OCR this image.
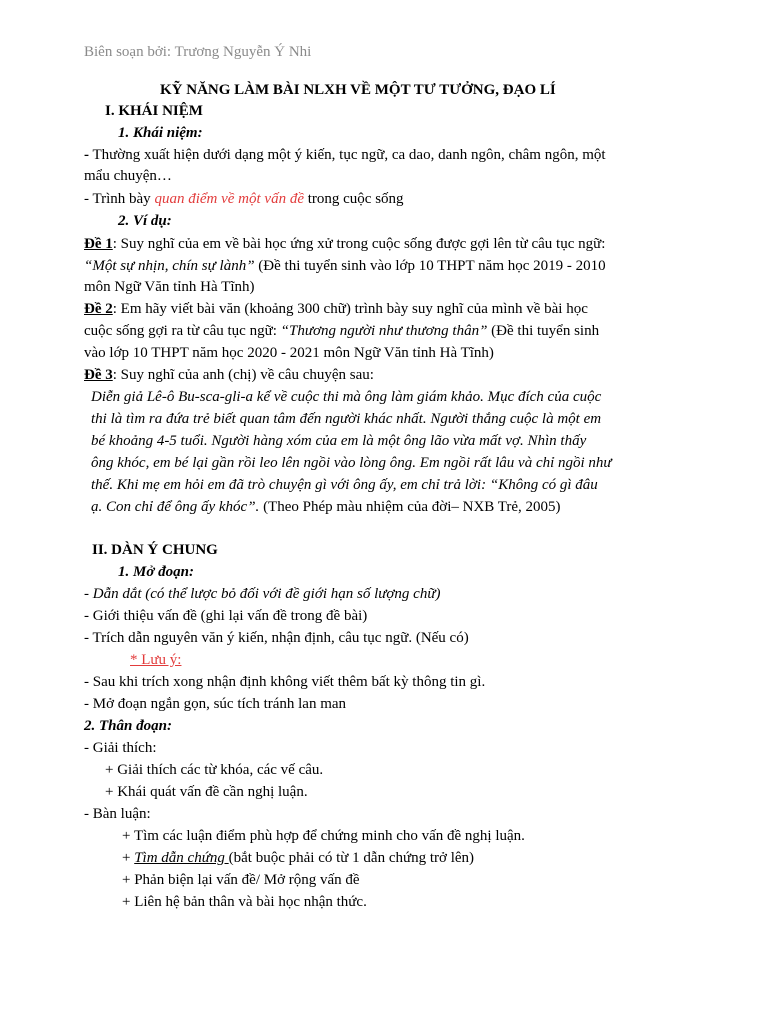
Biên soạn bởi: Trương Nguyễn Ý Nhi
KỸ NĂNG LÀM BÀI NLXH VỀ MỘT TƯ TƯỞNG, ĐẠO LÍ
I. KHÁI NIỆM
1. Khái niệm:
- Thường xuất hiện dưới dạng một ý kiến, tục ngữ, ca dao, danh ngôn, châm ngôn, một
mẩu chuyện…
- Trình bày quan điểm về một vấn đề trong cuộc sống
2. Ví dụ:
Đề 1: Suy nghĩ của em về bài học ứng xử trong cuộc sống được gợi lên từ câu tục ngữ:
“Một sự nhịn, chín sự lành” (Đề thi tuyển sinh vào lớp 10 THPT năm học 2019 - 2010
môn Ngữ Văn tỉnh Hà Tĩnh)
Đề 2: Em hãy viết bài văn (khoảng 300 chữ) trình bày suy nghĩ của mình về bài học
cuộc sống gợi ra từ câu tục ngữ: “Thương người như thương thân” (Đề thi tuyển sinh
vào lớp 10 THPT năm học 2020 - 2021 môn Ngữ Văn tỉnh Hà Tĩnh)
Đề 3: Suy nghĩ của anh (chị) về câu chuyện sau:
Diễn giả Lê-ô Bu-sca-gli-a kể về cuộc thi mà ông làm giám khảo. Mục đích của cuộc
thi là tìm ra đứa trẻ biết quan tâm đến người khác nhất. Người thắng cuộc là một em
bé khoảng 4-5 tuổi. Người hàng xóm của em là một ông lão vừa mất vợ. Nhìn thấy
ông khóc, em bé lại gần rồi leo lên ngồi vào lòng ông. Em ngồi rất lâu và chỉ ngồi như
thế. Khi mẹ em hỏi em đã trò chuyện gì với ông ấy, em chỉ trả lời: “Không có gì đâu
ạ. Con chỉ để ông ấy khóc”. (Theo Phép màu nhiệm của đời– NXB Trẻ, 2005)
II. DÀN Ý CHUNG
1. Mở đoạn:
- Dẫn dắt (có thể lược bỏ đối với đề giới hạn số lượng chữ)
- Giới thiệu vấn đề (ghi lại vấn đề trong đề bài)
- Trích dẫn nguyên văn ý kiến, nhận định, câu tục ngữ. (Nếu có)
* Lưu ý:
- Sau khi trích xong nhận định không viết thêm bất kỳ thông tin gì.
- Mở đoạn ngắn gọn, súc tích tránh lan man
2. Thân đoạn:
- Giải thích:
+ Giải thích các từ khóa, các vế câu.
+ Khái quát vấn đề cần nghị luận.
- Bàn luận:
+ Tìm các luận điểm phù hợp để chứng minh cho vấn đề nghị luận.
+ Tìm dẫn chứng (bắt buộc phải có từ 1 dẫn chứng trở lên)
+ Phản biện lại vấn đề/ Mở rộng vấn đề
+ Liên hệ bản thân và bài học nhận thức.
